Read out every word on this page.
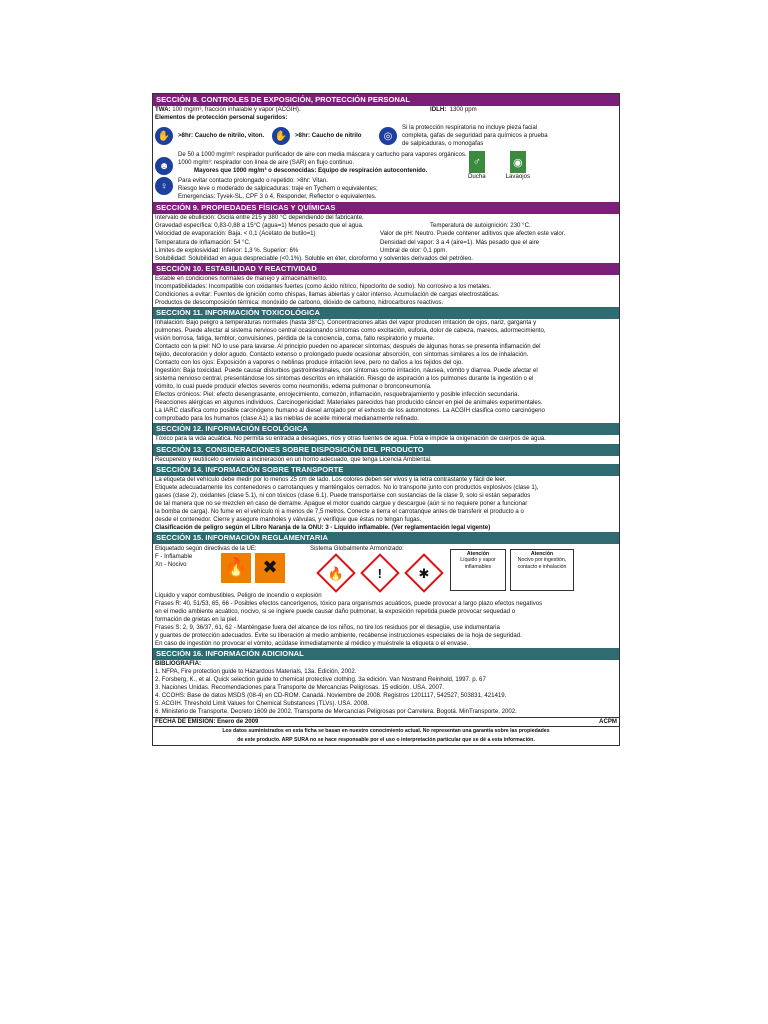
SECCIÓN 8. CONTROLES DE EXPOSICIÓN, PROTECCIÓN PERSONAL
TWA: 100 mg/m³, fracción inhalable y vapor (ACGIH).	IDLH: 1300 ppm
Elementos de protección personal sugeridos:
✋	>8hr: Caucho de nitrilo, viton.	✋	>8hr: Caucho de nitrilo	◎
Si la protección respiratoria no incluye pieza facial
completa, gafas de seguridad para químicos a prueba
de salpicaduras, o monogafas
☻
De 50 a 1000 mg/m³: respirador purificador de aire con media máscara y cartucho para vapores orgánicos.
1000 mg/m³: respirador con línea de aire (SAR) en flujo continuo.
Mayores que 1000 mg/m³ o desconocidas: Equipo de respiración autocontenido.
♀	Para evitar contacto prolongado o repetido: >8hr: Vitan.
Riesgo leve o moderado de salpicaduras: traje en Tychem o equivalentes;
Emergencias: Tyvek-SL, CPF 3 ó 4, Responder, Reflector o equivalentes.
♂
Ducha
◉
Lavaojos
SECCIÓN 9. PROPIEDADES FÍSICAS Y QUÍMICAS
Intervalo de ebullición: Oscila entre 215 y 380 °C dependiendo del fabricante.
Gravedad específica: 0,83-0,88 a 15°C (agua=1) Menos pesado que el agua.	Temperatura de autoignición: 230 °C.
Velocidad de evaporación: Baja. < 0,1 (Acetato de butilo=1)	Valor de pH: Neutro. Puede contener aditivos que afecten este valor.
Temperatura de inflamación: 54 °C.	Densidad del vapor: 3 a 4 (aire=1). Más pesado que el aire
Límites de explosividad: Inferior: 1,3 %. Superior: 6%	Umbral de olor: 0,1 ppm.
Solubilidad: Solubilidad en agua despreciable (<0.1%). Soluble en éter, cloroformo y solventes derivados del petróleo.
SECCIÓN 10. ESTABILIDAD Y REACTIVIDAD
Estable en condiciones normales de manejo y almacenamiento.
Incompatibilidades: Incompatible con oxidantes fuertes (como ácido nítrico, hipoclorito de sodio). No corrosivo a los metales.
Condiciones a evitar: Fuentes de ignición como chispas, llamas abiertas y calor intenso. Acumulación de cargas electrostáticas.
Productos de descomposición térmica: monóxido de carbono, dióxido de carbono, hidrocarburos reactivos.
SECCIÓN 11. INFORMACIÓN TOXICOLÓGICA
Inhalación: Bajo peligro a temperaturas normales (hasta 38°C). Concentraciones altas del vapor producen irritación de ojos, nariz, garganta y
pulmones. Puede afectar al sistema nervioso central ocasionando síntomas como excitación, euforia, dolor de cabeza, mareos, adormecimiento,
visión borrosa, fatiga, temblor, convulsiones, pérdida de la conciencia, coma, fallo respiratorio y muerte.
Contacto con la piel: NO lo use para lavarse. Al principio pueden no aparecer síntomas; después de algunas horas se presenta inflamación del
tejido, decoloración y dolor agudo. Contacto extenso o prolongado puede ocasionar absorción, con síntomas similares a los de inhalación.
Contacto con los ojos: Exposición a vapores o neblinas produce irritación leve, pero no daños a los tejidos del ojo.
Ingestión: Baja toxicidad. Puede causar disturbios gastrointestinales, con síntomas como irritación, náusea, vómito y diarrea. Puede afectar el
sistema nervioso central, presentándose los síntomas descritos en inhalación. Riesgo de aspiración a los pulmones durante la ingestión o el
vómito, lo cual puede producir efectos severos como neumonitis, edema pulmonar o bronconeumonía.
Efectos crónicos: Piel: efecto desengrasante, enrojecimiento, comezón, inflamación, resquebrajamiento y posible infección secundaria.
Reacciones alérgicas en algunos individuos. Carcinogenicidad: Materiales parecidos han producido cáncer en piel de animales experimentales.
La IARC clasifica como posible carcinógeno humano al diesel arrojado por el exhosto de los automotores. La ACGIH clasifica como carcinógeno
comprobado para los humanos (clase A1) a las nieblas de aceite mineral medianamente refinado.
SECCIÓN 12. INFORMACIÓN ECOLÓGICA
Tóxico para la vida acuática. No permita su entrada a desagües, ríos y otras fuentes de agua. Flota e impide la oxigenación de cuerpos de agua.
SECCIÓN 13. CONSIDERACIONES SOBRE DISPOSICIÓN DEL PRODUCTO
Recuperelo y reutilícelo o envíelo a incineración en un horno adecuado, que tenga Licencia Ambiental.
SECCIÓN 14. INFORMACIÓN SOBRE TRANSPORTE
La etiqueta del vehículo debe medir por lo menos 25 cm de lado. Los colores deben ser vivos y la letra contrastante y fácil de leer.
Etiquete adecuadamente los contenedores o carrotanques y manténgalos cerrados. No lo transporte junto con productos explosivos (clase 1),
gases (clase 2), oxidantes (clase 5.1), ni con tóxicos (clase 6.1). Puede transportarse con sustancias de la clase 9, solo si están separados
de tal manera que no se mezclen en caso de derrame. Apague el motor cuando cargue y descargue (aún si no requiere poner a funcionar
la bomba de carga). No fume en el vehículo ni a menos de 7,5 metros. Conecte a tierra el carrotanque antes de transferir el producto a o
desde el contenedor. Cierre y asegure manholes y válvulas, y verifique que éstas no tengan fugas.
Clasificación de peligro según el Libro Naranja de la ONU: 3 - Líquido inflamable. (Ver reglamentación legal vigente)
SECCIÓN 15. INFORMACIÓN REGLAMENTARIA
Etiquetado según directivas de la UE:
F - Inflamable
Xn - Nocivo	🔥 ✖
Sistema Globalmente Armonizado:
🔥	!	✱
Atención
Líquido y vapor inflamables
Atención
Nocivo por ingestión, contacto e inhalación
Líquido y vapor combustibles. Peligro de incendio o explosión
Frases R: 40, 51/53, 65, 66 - Posibles efectos cancerígenos, tóxico para organismos acuáticos, puede provocar a largo plazo efectos negativos
en el medio ambiente acuático, nocivo, si se ingiere puede causar daño pulmonar, la exposición repetida puede provocar sequedad o
formación de grietas en la piel.
Frases S: 2, 9, 36/37, 61, 62 - Manténgase fuera del alcance de los niños, no tire los residuos por el desagüe, use indumentaria
y guantes de protección adecuados. Evite su liberación al medio ambiente, recábense instrucciones especiales de la hoja de seguridad.
En caso de ingestión no provocar el vómito, acúdase inmediatamente al médico y muéstrele la etiqueta o el envase.
SECCIÓN 16. INFORMACIÓN ADICIONAL
BIBLIOGRAFÍA:
1. NFPA, Fire protection guide to Hazardous Materials, 13a. Edición, 2002.
2. Forsberg, K., et al. Quick selection guide to chemical protective clothing. 3a edición. Van Nostrand Reinhold, 1997. p. 67
3. Naciones Unidas. Recomendaciones para Transporte de Mercancías Peligrosas. 15 edición. USA. 2007.
4. CCOHS: Base de datos MSDS (08-4) en CD-ROM. Canadá. Noviembre de 2008. Registros 1201117, 542527, 503831, 421419.
5. ACGIH. Threshold Limit Values for Chemical Substances (TLVs). USA. 2008.
6. Ministerio de Transporte. Decreto 1609 de 2002. Transporte de Mercancías Peligrosas por Carretera. Bogotá. MinTransporte. 2002.
FECHA DE EMISIÓN: Enero de 2009	ACPM
Los datos suministrados en esta ficha se basan en nuestro conocimiento actual. No representan una garantía sobre las propiedades
de este producto. ARP SURA no se hace responsable por el uso o interpretación particular que se dé a esta información.
